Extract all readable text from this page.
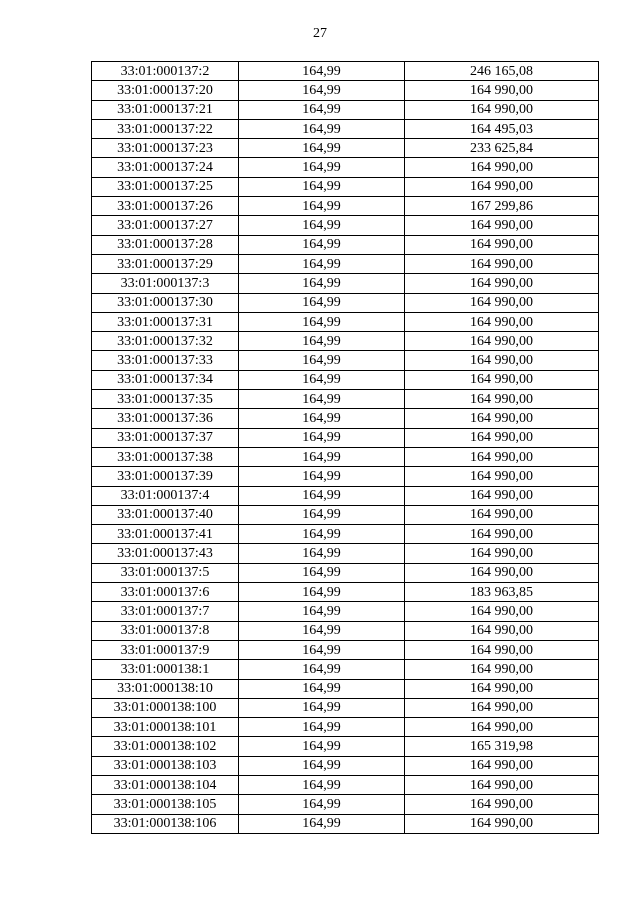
27
33:01:000137:2	164,99	246 165,08
33:01:000137:20	164,99	164 990,00
33:01:000137:21	164,99	164 990,00
33:01:000137:22	164,99	164 495,03
33:01:000137:23	164,99	233 625,84
33:01:000137:24	164,99	164 990,00
33:01:000137:25	164,99	164 990,00
33:01:000137:26	164,99	167 299,86
33:01:000137:27	164,99	164 990,00
33:01:000137:28	164,99	164 990,00
33:01:000137:29	164,99	164 990,00
33:01:000137:3	164,99	164 990,00
33:01:000137:30	164,99	164 990,00
33:01:000137:31	164,99	164 990,00
33:01:000137:32	164,99	164 990,00
33:01:000137:33	164,99	164 990,00
33:01:000137:34	164,99	164 990,00
33:01:000137:35	164,99	164 990,00
33:01:000137:36	164,99	164 990,00
33:01:000137:37	164,99	164 990,00
33:01:000137:38	164,99	164 990,00
33:01:000137:39	164,99	164 990,00
33:01:000137:4	164,99	164 990,00
33:01:000137:40	164,99	164 990,00
33:01:000137:41	164,99	164 990,00
33:01:000137:43	164,99	164 990,00
33:01:000137:5	164,99	164 990,00
33:01:000137:6	164,99	183 963,85
33:01:000137:7	164,99	164 990,00
33:01:000137:8	164,99	164 990,00
33:01:000137:9	164,99	164 990,00
33:01:000138:1	164,99	164 990,00
33:01:000138:10	164,99	164 990,00
33:01:000138:100	164,99	164 990,00
33:01:000138:101	164,99	164 990,00
33:01:000138:102	164,99	165 319,98
33:01:000138:103	164,99	164 990,00
33:01:000138:104	164,99	164 990,00
33:01:000138:105	164,99	164 990,00
33:01:000138:106	164,99	164 990,00
